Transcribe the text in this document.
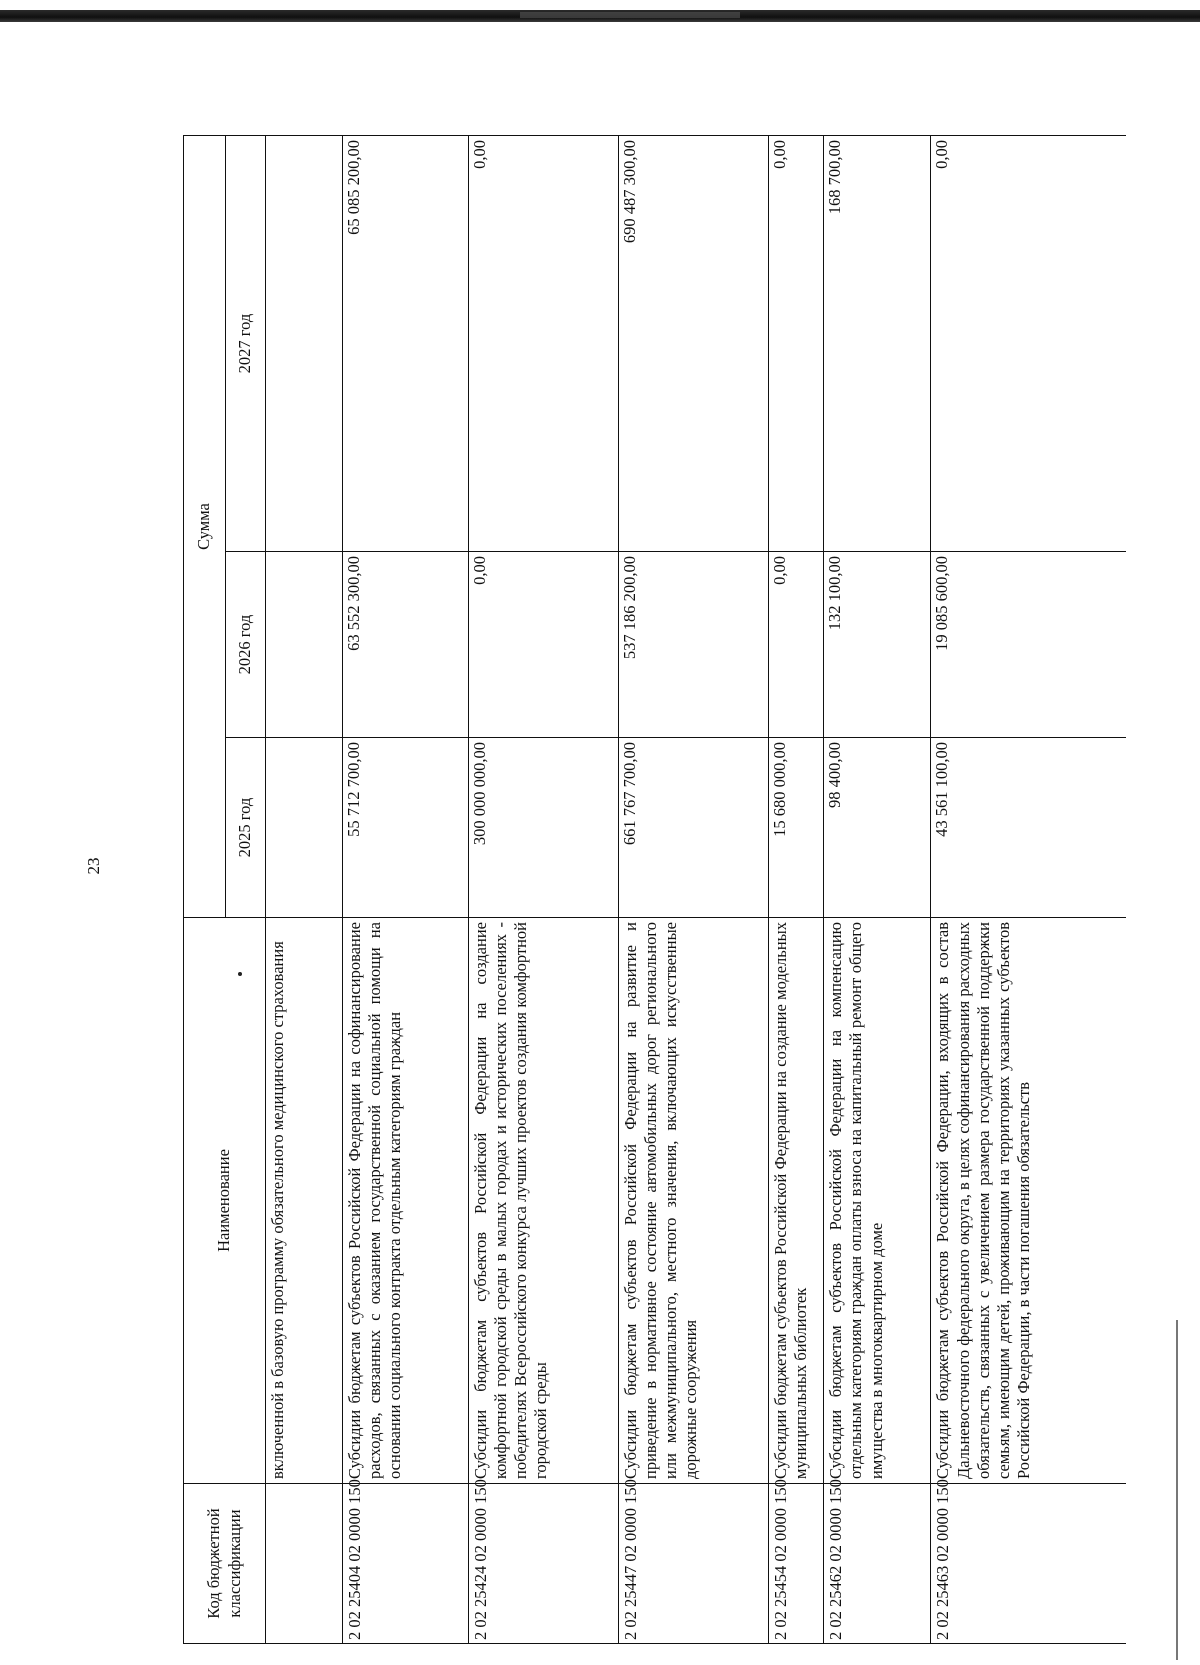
23
Код бюджетной классификации	Наименование	Сумма		
		2025 год	2026 год	2027 год
	включенной в базовую программу обязательного медицинского страхования			
2 02 25404 02 0000 150	Субсидии бюджетам субъектов Российской Федерации на софинансирование расходов, связанных с оказанием государственной социальной помощи на основании социального контракта отдельным категориям граждан	55 712 700,00	63 552 300,00	65 085 200,00
2 02 25424 02 0000 150	Субсидии бюджетам субъектов Российской Федерации на создание комфортной городской среды в малых городах и исторических поселениях - победителях Всероссийского конкурса лучших проектов создания комфортной городской среды	300 000 000,00	0,00	0,00
2 02 25447 02 0000 150	Субсидии бюджетам субъектов Российской Федерации на развитие и приведение в нормативное состояние автомобильных дорог регионального или межмуниципального, местного значения, включающих искусственные дорожные сооружения	661 767 700,00	537 186 200,00	690 487 300,00
2 02 25454 02 0000 150	Субсидии бюджетам субъектов Российской Федерации на создание модельных муниципальных библиотек	15 680 000,00	0,00	0,00
2 02 25462 02 0000 150	Субсидии бюджетам субъектов Российской Федерации на компенсацию отдельным категориям граждан оплаты взноса на капитальный ремонт общего имущества в многоквартирном доме	98 400,00	132 100,00	168 700,00
2 02 25463 02 0000 150	Субсидии бюджетам субъектов Российской Федерации, входящих в состав Дальневосточного федерального округа, в целях софинансирования расходных обязательств, связанных с увеличением размера государственной поддержки семьям, имеющим детей, проживающим на территориях указанных субъектов Российской Федерации, в части погашения обязательств	43 561 100,00	19 085 600,00	0,00
